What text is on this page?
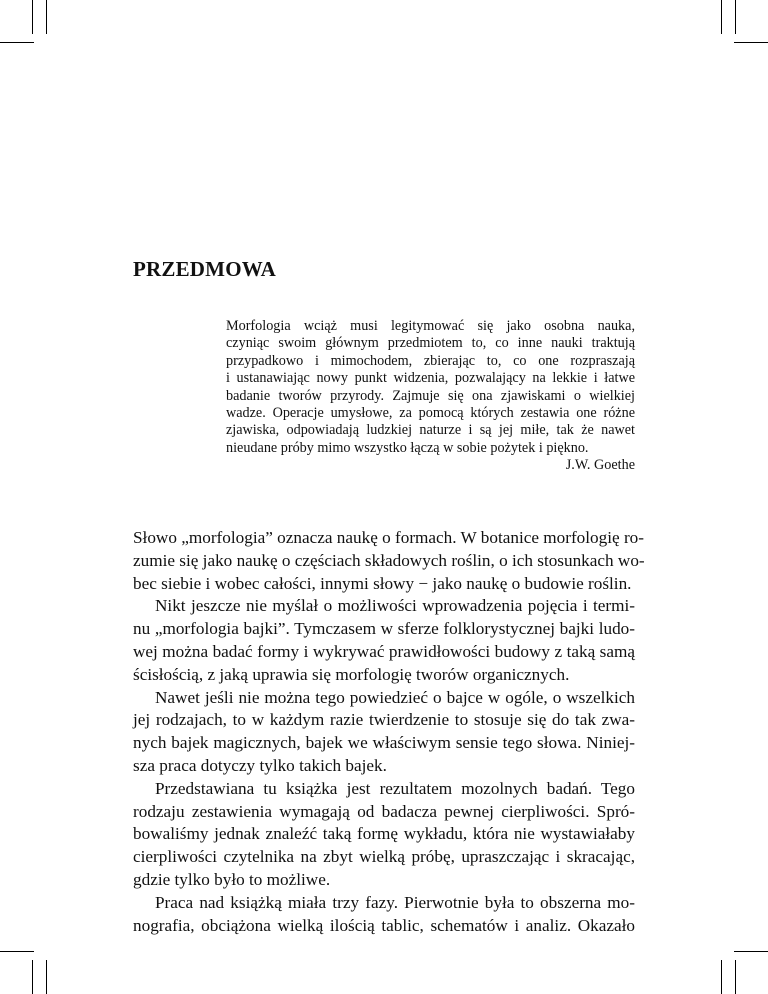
PRZEDMOWA
Morfologia wciąż musi legitymować się jako osobna nauka,
czyniąc swoim głównym przedmiotem to, co inne nauki traktują
przypadkowo i mimochodem, zbierając to, co one rozpraszają
i ustanawiając nowy punkt widzenia, pozwalający na lekkie i łatwe
badanie tworów przyrody. Zajmuje się ona zjawiskami o wielkiej
wadze. Operacje umysłowe, za pomocą których zestawia one różne
zjawiska, odpowiadają ludzkiej naturze i są jej miłe, tak że nawet
nieudane próby mimo wszystko łączą w sobie pożytek i piękno.
J.W. Goethe
Słowo „morfologia” oznacza naukę o formach. W botanice morfologię ro-
zumie się jako naukę o częściach składowych roślin, o ich stosunkach wo-
bec siebie i wobec całości, innymi słowy − jako naukę o budowie roślin.
Nikt jeszcze nie myślał o możliwości wprowadzenia pojęcia i termi-
nu „morfologia bajki”. Tymczasem w sferze folklorystycznej bajki ludo-
wej można badać formy i wykrywać prawidłowości budowy z taką samą
ścisłością, z jaką uprawia się morfologię tworów organicznych.
Nawet jeśli nie można tego powiedzieć o bajce w ogóle, o wszelkich
jej rodzajach, to w każdym razie twierdzenie to stosuje się do tak zwa-
nych bajek magicznych, bajek we właściwym sensie tego słowa. Niniej-
sza praca dotyczy tylko takich bajek.
Przedstawiana tu książka jest rezultatem mozolnych badań. Tego
rodzaju zestawienia wymagają od badacza pewnej cierpliwości. Spró-
bowaliśmy jednak znaleźć taką formę wykładu, która nie wystawiałaby
cierpliwości czytelnika na zbyt wielką próbę, upraszczając i skracając,
gdzie tylko było to możliwe.
Praca nad książką miała trzy fazy. Pierwotnie była to obszerna mo-
nografia, obciążona wielką ilością tablic, schematów i analiz. Okazało
